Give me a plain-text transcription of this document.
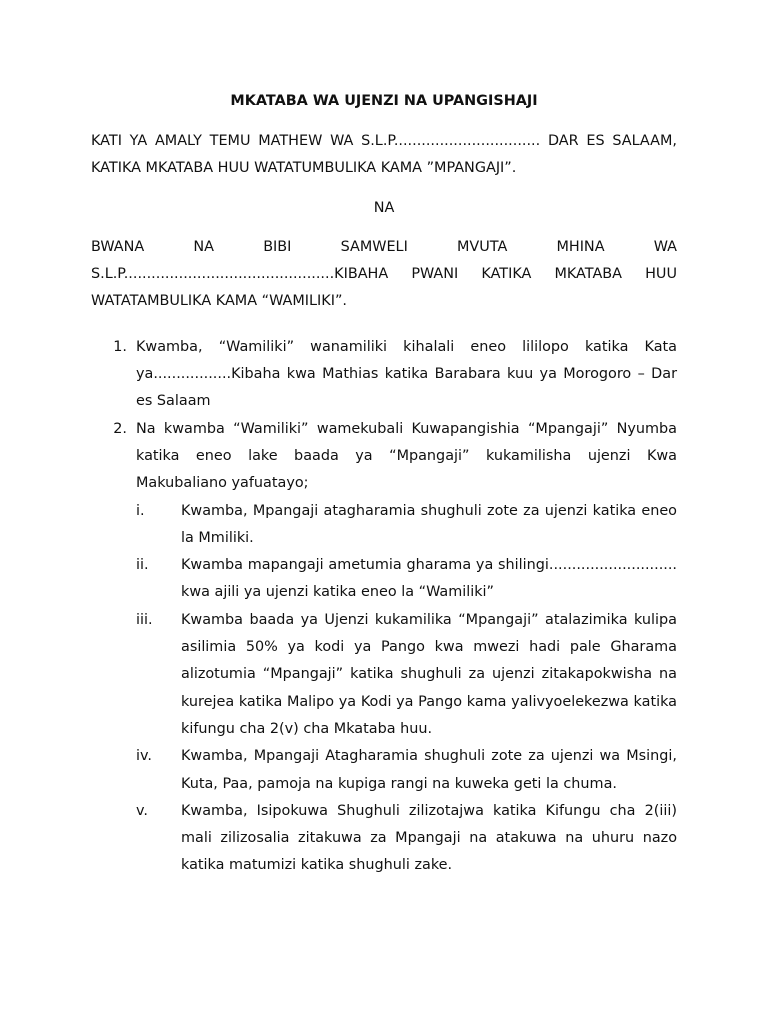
MKATABA WA UJENZI NA UPANGISHAJI
KATI YA AMALY TEMU MATHEW WA S.L.P................................ DAR ES SALAAM, KATIKA MKATABA HUU WATATUMBULIKA KAMA ”MPANGAJI”.
NA
BWANA	NA	BIBI	SAMWELI	MVUTA	MHINA	WA
S.L.P..............................................KIBAHA PWANI KATIKA MKATABA HUU WATATAMBULIKA KAMA “WAMILIKI”.
1. Kwamba, “Wamiliki” wanamiliki kihalali eneo lililopo katika Kata ya.................Kibaha kwa Mathias katika Barabara kuu ya Morogoro – Dar es Salaam
2. Na kwamba “Wamiliki” wamekubali Kuwapangishia “Mpangaji” Nyumba katika eneo lake baada ya “Mpangaji” kukamilisha ujenzi Kwa Makubaliano yafuatayo;
i.	Kwamba, Mpangaji atagharamia shughuli zote za ujenzi katika eneo la Mmiliki.
ii.	Kwamba mapangaji ametumia gharama ya shilingi............................ kwa ajili ya ujenzi katika eneo la “Wamiliki”
iii.	Kwamba baada ya Ujenzi kukamilika “Mpangaji” atalazimika kulipa asilimia 50% ya kodi ya Pango kwa mwezi hadi pale Gharama alizotumia “Mpangaji” katika shughuli za ujenzi zitakapokwisha na kurejea katika Malipo ya Kodi ya Pango kama yalivyoelekezwa katika kifungu cha 2(v) cha Mkataba huu.
iv.	Kwamba, Mpangaji Atagharamia shughuli zote za ujenzi wa Msingi, Kuta, Paa, pamoja na kupiga rangi na kuweka geti la chuma.
v.	Kwamba, Isipokuwa Shughuli zilizotajwa katika Kifungu cha 2(iii) mali zilizosalia zitakuwa za Mpangaji na atakuwa na uhuru nazo katika matumizi katika shughuli zake.
